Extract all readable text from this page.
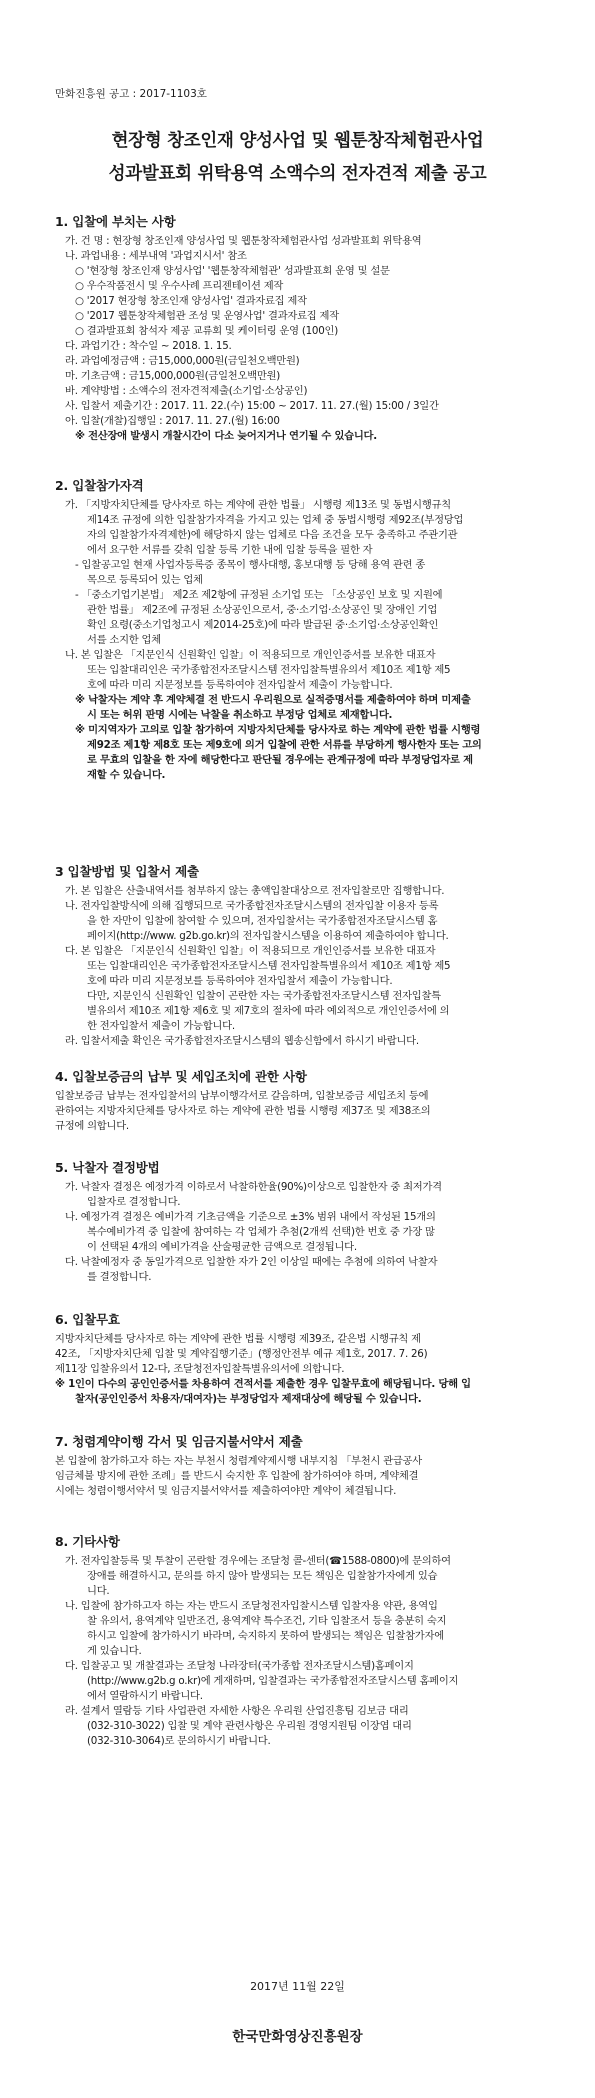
만화진흥원 공고 : 2017-1103호
현장형 창조인재 양성사업 및 웹툰창작체험관사업
성과발표회 위탁용역 소액수의 전자견적 제출 공고
1. 입찰에 부치는 사항
가. 건 명 : 현장형 창조인재 양성사업 및 웹툰창작체험관사업 성과발표회 위탁용역
나. 과업내용 : 세부내역 '과업지시서' 참조
○ '현장형 창조인재 양성사업' '웹툰창작체험관' 성과발표회 운영 및 설문
○ 우수작품전시 및 우수사례 프리젠테이션 제작
○ '2017 현장형 창조인재 양성사업' 결과자료집 제작
○ '2017 웹툰창작체험관 조성 및 운영사업' 결과자료집 제작
○ 결과발표회 참석자 제공 교류회 및 케이터링 운영 (100인)
다. 과업기간 : 착수일 ~ 2018. 1. 15.
라. 과업예정금액 : 금15,000,000원(금일천오백만원)
마. 기초금액 : 금15,000,000원(금일천오백만원)
바. 계약방법 : 소액수의 전자견적제출(소기업·소상공인)
사. 입찰서 제출기간 : 2017. 11. 22.(수) 15:00 ~ 2017. 11. 27.(월) 15:00 / 3일간
아. 입찰(개찰)집행일 : 2017. 11. 27.(월) 16:00
※ 전산장애 발생시 개찰시간이 다소 늦어지거나 연기될 수 있습니다.
2. 입찰참가자격
가. 「지방자치단체를 당사자로 하는 계약에 관한 법률」 시행령 제13조 및 동법시행규칙
제14조 규정에 의한 입찰참가자격을 가지고 있는 업체 중 동법시행령 제92조(부정당업
자의 입찰참가자격제한)에 해당하지 않는 업체로 다음 조건을 모두 충족하고 주관기관
에서 요구한 서류를 갖춰 입찰 등록 기한 내에 입찰 등록을 필한 자
- 입찰공고일 현재 사업자등록증 종목이 행사대행, 홍보대행 등 당해 용역 관련 종
목으로 등록되어 있는 업체
- 「중소기업기본법」 제2조 제2항에 규정된 소기업 또는 「소상공인 보호 및 지원에
관한 법률」 제2조에 규정된 소상공인으로서, 중·소기업·소상공인 및 장애인 기업
확인 요령(중소기업청고시 제2014-25호)에 따라 발급된 중·소기업·소상공인확인
서를 소지한 업체
나. 본 입찰은 「지문인식 신원확인 입찰」이 적용되므로 개인인증서를 보유한 대표자
또는 입찰대리인은 국가종합전자조달시스템 전자입찰특별유의서 제10조 제1항 제5
호에 따라 미리 지문정보를 등록하여야 전자입찰서 제출이 가능합니다.
※ 낙찰자는 계약 후 계약체결 전 반드시 우리원으로 실적증명서를 제출하여야 하며 미제출
시 또는 허위 판명 시에는 낙찰을 취소하고 부정당 업체로 제재합니다.
※ 미지역자가 고의로 입찰 참가하여 지방자치단체를 당사자로 하는 계약에 관한 법률 시행령
제92조 제1항 제8호 또는 제9호에 의거 입찰에 관한 서류를 부당하게 행사한자 또는 고의
로 무효의 입찰을 한 자에 해당한다고 판단될 경우에는 관계규정에 따라 부정당업자로 제
재할 수 있습니다.
3 입찰방법 및 입찰서 제출
가. 본 입찰은 산출내역서를 첨부하지 않는 총액입찰대상으로 전자입찰로만 집행합니다.
나. 전자입찰방식에 의해 집행되므로 국가종합전자조달시스템의 전자입찰 이용자 등록
을 한 자만이 입찰에 참여할 수 있으며, 전자입찰서는 국가종합전자조달시스템 홈
페이지(http://www. g2b.go.kr)의 전자입찰시스템을 이용하여 제출하여야 합니다.
다. 본 입찰은 「지문인식 신원확인 입찰」이 적용되므로 개인인증서를 보유한 대표자
또는 입찰대리인은 국가종합전자조달시스템 전자입찰특별유의서 제10조 제1항 제5
호에 따라 미리 지문정보를 등록하여야 전자입찰서 제출이 가능합니다.
다만, 지문인식 신원확인 입찰이 곤란한 자는 국가종합전자조달시스템 전자입찰특
별유의서 제10조 제1항 제6호 및 제7호의 절차에 따라 예외적으로 개인인증서에 의
한 전자입찰서 제출이 가능합니다.
라. 입찰서제출 확인은 국가종합전자조달시스템의 웹송신함에서 하시기 바랍니다.
4. 입찰보증금의 납부 및 세입조치에 관한 사항
입찰보증금 납부는 전자입찰서의 납부이행각서로 갈음하며, 입찰보증금 세입조치 등에
관하여는 지방자치단체를 당사자로 하는 계약에 관한 법률 시행령 제37조 및 제38조의
규정에 의합니다.
5. 낙찰자 결정방법
가. 낙찰자 결정은 예정가격 이하로서 낙찰하한율(90%)이상으로 입찰한자 중 최저가격
입찰자로 결정합니다.
나. 예정가격 결정은 예비가격 기초금액을 기준으로 ±3% 범위 내에서 작성된 15개의
복수예비가격 중 입찰에 참여하는 각 업체가 추첨(2개씩 선택)한 번호 중 가장 많
이 선택된 4개의 예비가격을 산술평균한 금액으로 결정됩니다.
다. 낙찰예정자 중 동일가격으로 입찰한 자가 2인 이상일 때에는 추첨에 의하여 낙찰자
를 결정합니다.
6. 입찰무효
지방자치단체를 당사자로 하는 계약에 관한 법률 시행령 제39조, 같은법 시행규칙 제
42조, 「지방자치단체 입찰 및 계약집행기준」(행정안전부 예규 제1호, 2017. 7. 26)
제11장 입찰유의서 12-다, 조달청전자입찰특별유의서에 의합니다.
※ 1인이 다수의 공인인증서를 차용하여 견적서를 제출한 경우 입찰무효에 해당됩니다. 당해 입
찰자(공인인증서 차용자/대여자)는 부정당업자 제재대상에 해당될 수 있습니다.
7. 청렴계약이행 각서 및 임금지불서약서 제출
본 입찰에 참가하고자 하는 자는 부천시 청렴계약제시행 내부지침 「부천시 관급공사
임금체불 방지에 관한 조례」를 반드시 숙지한 후 입찰에 참가하여야 하며, 계약체결
시에는 청렴이행서약서 및 임금지불서약서를 제출하여야만 계약이 체결됩니다.
8. 기타사항
가. 전자입찰등록 및 투찰이 곤란할 경우에는 조달청 콜-센터(☎1588-0800)에 문의하여
장애를 해결하시고, 문의를 하지 않아 발생되는 모든 책임은 입찰참가자에게 있습
니다.
나. 입찰에 참가하고자 하는 자는 반드시 조달청전자입찰시스템 입찰자용 약관, 용역입
찰 유의서, 용역계약 일반조건, 용역계약 특수조건, 기타 입찰조서 등을 충분히 숙지
하시고 입찰에 참가하시기 바라며, 숙지하지 못하여 발생되는 책임은 입찰참가자에
게 있습니다.
다. 입찰공고 및 개찰결과는 조달청 나라장터(국가종합 전자조달시스템)홈페이지
(http://www.g2b.g o.kr)에 게재하며, 입찰결과는 국가종합전자조달시스템 홈페이지
에서 열람하시기 바랍니다.
라. 설계서 열람등 기타 사업관련 자세한 사항은 우리원 산업진흥팀 김보금 대리
(032-310-3022) 입찰 및 계약 관련사항은 우리원 경영지원팀 이장엽 대리
(032-310-3064)로 문의하시기 바랍니다.
2017년 11월 22일
한국만화영상진흥원장
